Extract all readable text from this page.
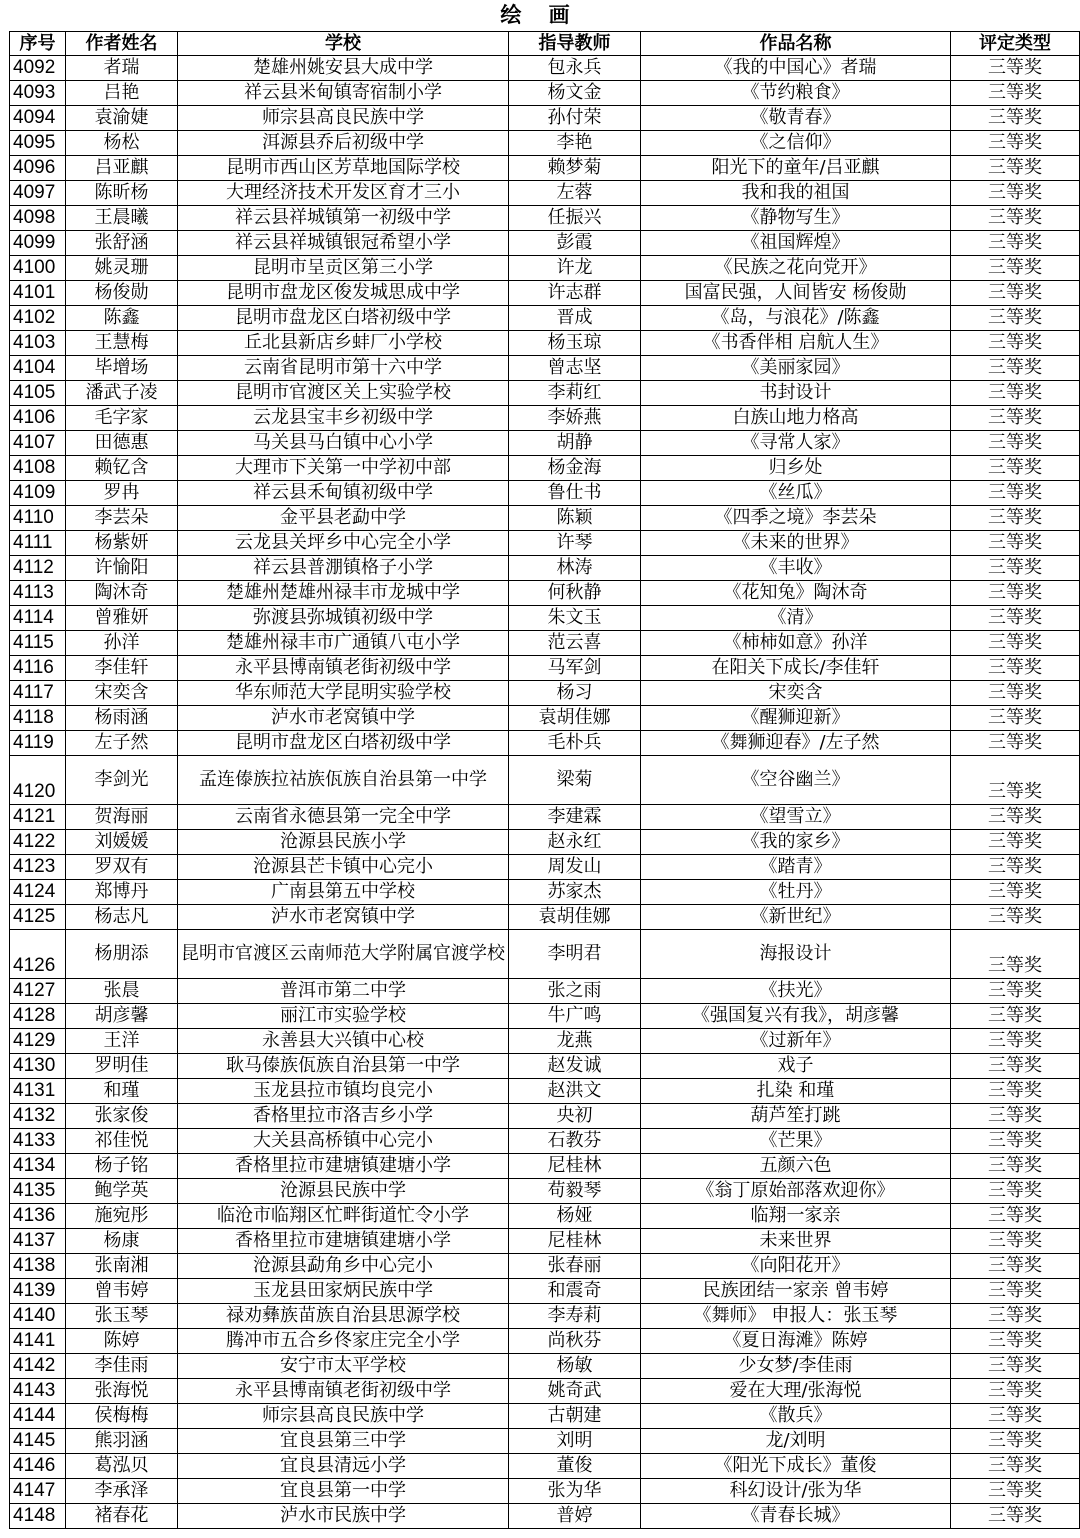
绘 画
序号	作者姓名	学校	指导教师	作品名称	评定类型
4092	者瑞	楚雄州姚安县大成中学	包永兵	《我的中国心》者瑞	三等奖
4093	吕艳	祥云县米甸镇寄宿制小学	杨文金	《节约粮食》	三等奖
4094	袁渝婕	师宗县高良民族中学	孙付荣	《敬青春》	三等奖
4095	杨松	洱源县乔后初级中学	李艳	《之信仰》	三等奖
4096	吕亚麒	昆明市西山区芳草地国际学校	赖梦菊	阳光下的童年/吕亚麒	三等奖
4097	陈昕杨	大理经济技术开发区育才三小	左蓉	我和我的祖国	三等奖
4098	王晨曦	祥云县祥城镇第一初级中学	任振兴	《静物写生》	三等奖
4099	张舒涵	祥云县祥城镇银冠希望小学	彭霞	《祖国辉煌》	三等奖
4100	姚灵珊	昆明市呈贡区第三小学	许龙	《民族之花向党开》	三等奖
4101	杨俊勋	昆明市盘龙区俊发城思成中学	许志群	国富民强，人间皆安 杨俊勋	三等奖
4102	陈鑫	昆明市盘龙区白塔初级中学	晋成	《岛，与浪花》/陈鑫	三等奖
4103	王慧梅	丘北县新店乡蚌厂小学校	杨玉琼	《书香伴相 启航人生》	三等奖
4104	毕增场	云南省昆明市第十六中学	曾志坚	《美丽家园》	三等奖
4105	潘武子凌	昆明市官渡区关上实验学校	李莉红	书封设计	三等奖
4106	毛字家	云龙县宝丰乡初级中学	李娇燕	白族山地力格高	三等奖
4107	田德惠	马关县马白镇中心小学	胡静	《寻常人家》	三等奖
4108	赖钇含	大理市下关第一中学初中部	杨金海	归乡处	三等奖
4109	罗冉	祥云县禾甸镇初级中学	鲁仕书	《丝瓜》	三等奖
4110	李芸朵	金平县老勐中学	陈颖	《四季之境》李芸朵	三等奖
4111	杨紫妍	云龙县关坪乡中心完全小学	许琴	《未来的世界》	三等奖
4112	许愉阳	祥云县普淜镇格子小学	林涛	《丰收》	三等奖
4113	陶沐奇	楚雄州楚雄州禄丰市龙城中学	何秋静	《花知兔》陶沐奇	三等奖
4114	曾雅妍	弥渡县弥城镇初级中学	朱文玉	《清》	三等奖
4115	孙洋	楚雄州禄丰市广通镇八屯小学	范云喜	《柿柿如意》孙洋	三等奖
4116	李佳轩	永平县博南镇老街初级中学	马军剑	在阳关下成长/李佳轩	三等奖
4117	宋奕含	华东师范大学昆明实验学校	杨习	宋奕含	三等奖
4118	杨雨涵	泸水市老窝镇中学	袁胡佳娜	《醒狮迎新》	三等奖
4119	左子然	昆明市盘龙区白塔初级中学	毛朴兵	《舞狮迎春》/左子然	三等奖
4120	李剑光	孟连傣族拉祜族佤族自治县第一中学	梁菊	《空谷幽兰》	三等奖
4121	贺海丽	云南省永德县第一完全中学	李建霖	《望雪立》	三等奖
4122	刘媛媛	沧源县民族小学	赵永红	《我的家乡》	三等奖
4123	罗双有	沧源县芒卡镇中心完小	周发山	《踏青》	三等奖
4124	郑博丹	广南县第五中学校	苏家杰	《牡丹》	三等奖
4125	杨志凡	泸水市老窝镇中学	袁胡佳娜	《新世纪》	三等奖
4126	杨朋添	昆明市官渡区云南师范大学附属官渡学校	李明君	海报设计	三等奖
4127	张晨	普洱市第二中学	张之雨	《扶光》	三等奖
4128	胡彦馨	丽江市实验学校	牛广鸣	《强国复兴有我》，胡彦馨	三等奖
4129	王洋	永善县大兴镇中心校	龙燕	《过新年》	三等奖
4130	罗明佳	耿马傣族佤族自治县第一中学	赵发诚	戏子	三等奖
4131	和瑾	玉龙县拉市镇均良完小	赵洪文	扎染 和瑾	三等奖
4132	张家俊	香格里拉市洛吉乡小学	央初	葫芦笙打跳	三等奖
4133	祁佳悦	大关县高桥镇中心完小	石教芬	《芒果》	三等奖
4134	杨子铭	香格里拉市建塘镇建塘小学	尼桂林	五颜六色	三等奖
4135	鲍学英	沧源县民族中学	苟毅琴	《翁丁原始部落欢迎你》	三等奖
4136	施宛彤	临沧市临翔区忙畔街道忙令小学	杨娅	临翔一家亲	三等奖
4137	杨康	香格里拉市建塘镇建塘小学	尼桂林	未来世界	三等奖
4138	张南湘	沧源县勐角乡中心完小	张春丽	《向阳花开》	三等奖
4139	曾韦婷	玉龙县田家炳民族中学	和震奇	民族团结一家亲 曾韦婷	三等奖
4140	张玉琴	禄劝彝族苗族自治县思源学校	李寿莉	《舞师》 申报人：张玉琴	三等奖
4141	陈婷	腾冲市五合乡佟家庄完全小学	尚秋芬	《夏日海滩》陈婷	三等奖
4142	李佳雨	安宁市太平学校	杨敏	少女梦/李佳雨	三等奖
4143	张海悦	永平县博南镇老街初级中学	姚奇武	爱在大理/张海悦	三等奖
4144	侯梅梅	师宗县高良民族中学	古朝建	《散兵》	三等奖
4145	熊羽涵	宜良县第三中学	刘明	龙/刘明	三等奖
4146	葛泓贝	宜良县清远小学	董俊	《阳光下成长》董俊	三等奖
4147	李承泽	宜良县第一中学	张为华	科幻设计/张为华	三等奖
4148	褚春花	泸水市民族中学	普婷	《青春长城》	三等奖
